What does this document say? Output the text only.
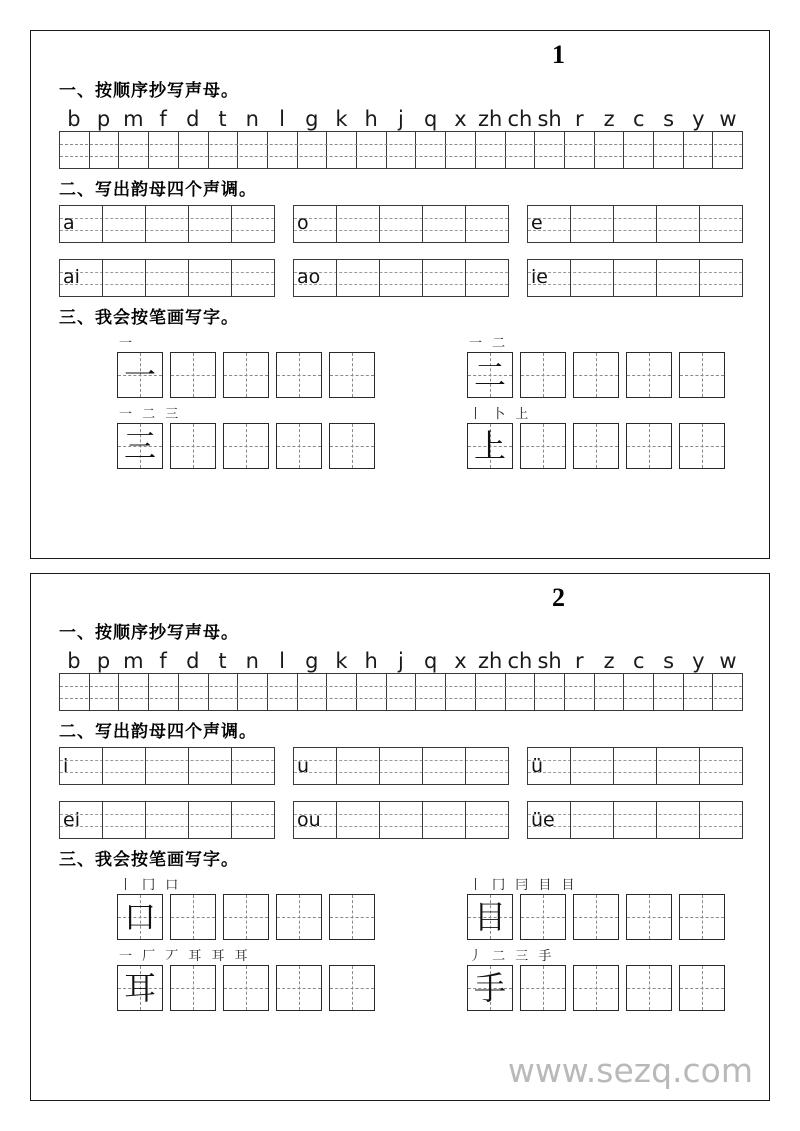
1
一、按顺序抄写声母。
b p m f d t n l g k h j q x zh ch sh r z c s y w
二、写出韵母四个声调。
a	o	e
ai	ao	ie
三、我会按笔画写字。
一
一
一 二
二
一 二 三
三
丨 卜 上
上
2
www.sezq.com
一、按顺序抄写声母。
b p m f d t n l g k h j q x zh ch sh r z c s y w
二、写出韵母四个声调。
i	u	ü
ei	ou	üe
三、我会按笔画写字。
丨 冂 口
口
丨 冂 冃 目 目
目
一 厂 丆 耳 耳 耳
耳
丿 二 三 手
手
